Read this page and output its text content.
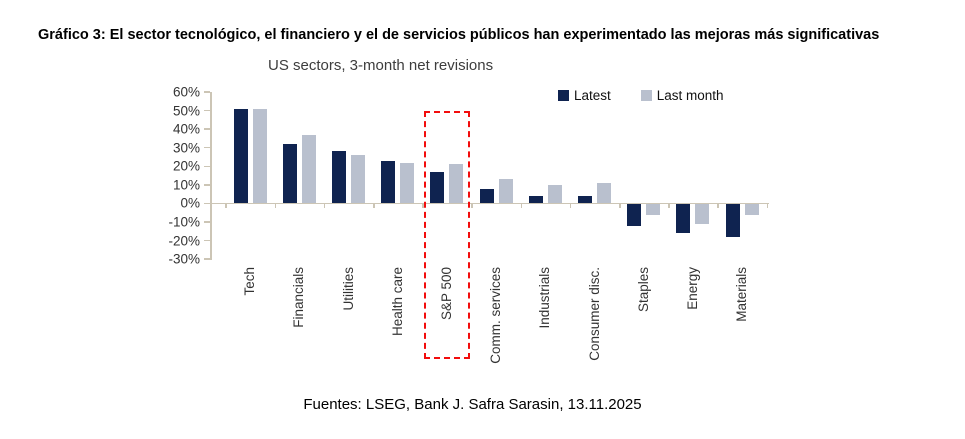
Gráfico 3: El sector tecnológico, el financiero y el de servicios públicos han experimentado las mejoras más significativas
US sectors, 3-month net revisions
Latest	Last month
Tech	Financials	Utilities	Health care	S&P 500	Comm. services	Industrials	Consumer disc.	Staples	Energy	Materials
60%
50%
40%
30%
20%
10%
0%
-10%
-20%
-30%
Fuentes: LSEG, Bank J. Safra Sarasin, 13.11.2025
